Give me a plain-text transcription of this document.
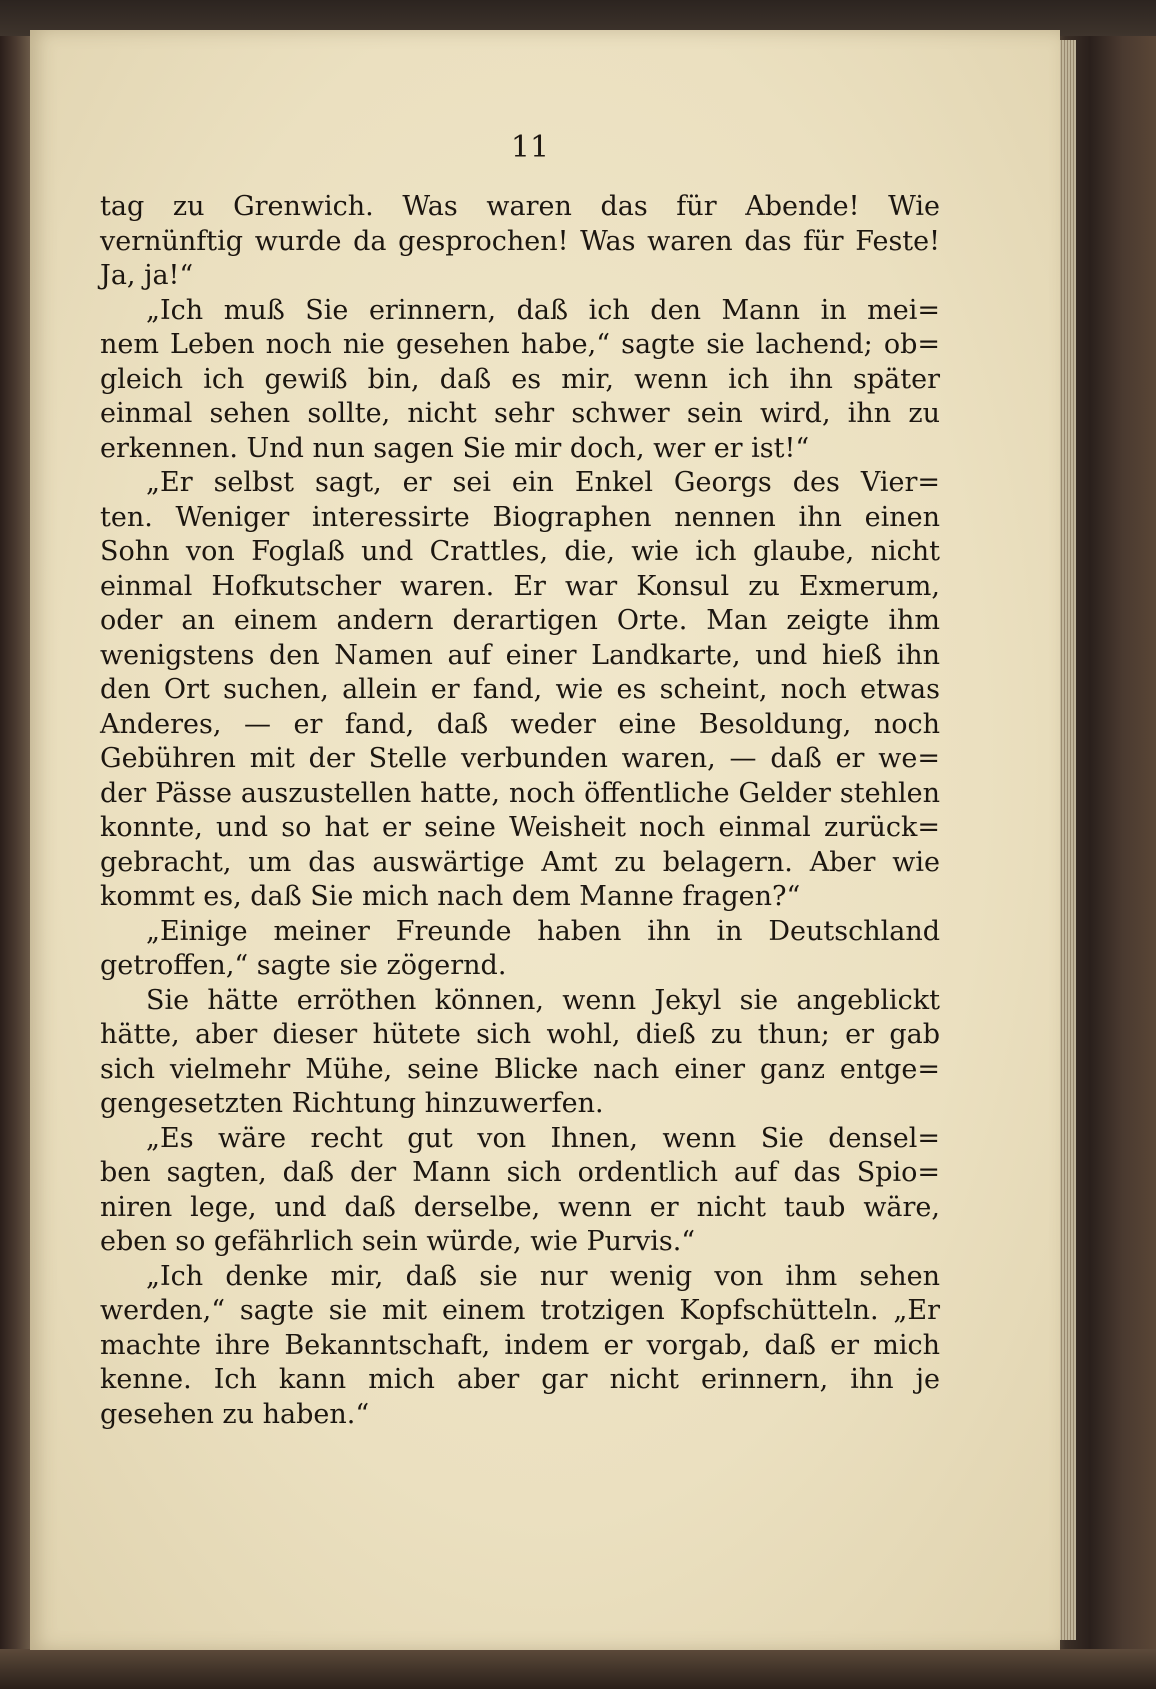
11
tag zu Grenwich. Was waren das für Abende! Wie
vernünftig wurde da gesprochen! Was waren das für Feste!
Ja, ja!“
„Ich muß Sie erinnern, daß ich den Mann in mei=
nem Leben noch nie gesehen habe,“ sagte sie lachend; ob=
gleich ich gewiß bin, daß es mir, wenn ich ihn später
einmal sehen sollte, nicht sehr schwer sein wird, ihn zu
erkennen. Und nun sagen Sie mir doch, wer er ist!“
„Er selbst sagt, er sei ein Enkel Georgs des Vier=
ten. Weniger interessirte Biographen nennen ihn einen
Sohn von Foglaß und Crattles, die, wie ich glaube, nicht
einmal Hofkutscher waren. Er war Konsul zu Exmerum,
oder an einem andern derartigen Orte. Man zeigte ihm
wenigstens den Namen auf einer Landkarte, und hieß ihn
den Ort suchen, allein er fand, wie es scheint, noch etwas
Anderes, — er fand, daß weder eine Besoldung, noch
Gebühren mit der Stelle verbunden waren, — daß er we=
der Pässe auszustellen hatte, noch öffentliche Gelder stehlen
konnte, und so hat er seine Weisheit noch einmal zurück=
gebracht, um das auswärtige Amt zu belagern. Aber wie
kommt es, daß Sie mich nach dem Manne fragen?“
„Einige meiner Freunde haben ihn in Deutschland
getroffen,“ sagte sie zögernd.
Sie hätte erröthen können, wenn Jekyl sie angeblickt
hätte, aber dieser hütete sich wohl, dieß zu thun; er gab
sich vielmehr Mühe, seine Blicke nach einer ganz entge=
gengesetzten Richtung hinzuwerfen.
„Es wäre recht gut von Ihnen, wenn Sie densel=
ben sagten, daß der Mann sich ordentlich auf das Spio=
niren lege, und daß derselbe, wenn er nicht taub wäre,
eben so gefährlich sein würde, wie Purvis.“
„Ich denke mir, daß sie nur wenig von ihm sehen
werden,“ sagte sie mit einem trotzigen Kopfschütteln. „Er
machte ihre Bekanntschaft, indem er vorgab, daß er mich
kenne. Ich kann mich aber gar nicht erinnern, ihn je
gesehen zu haben.“
